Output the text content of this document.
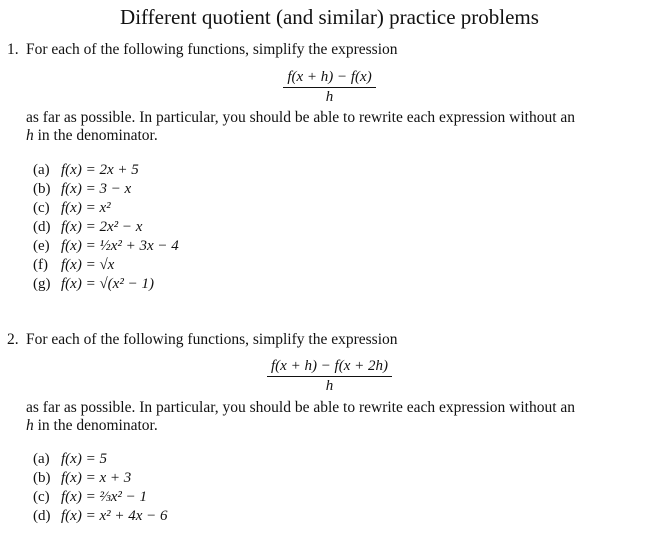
Different quotient (and similar) practice problems
1. For each of the following functions, simplify the expression
$\frac{f(x + h) - f(x)}{h}$
as far as possible. In particular, you should be able to rewrite each expression without an
h in the denominator.
(a) f(x) = 2x + 5
(b) f(x) = 3 − x
(c) f(x) = x²
(d) f(x) = 2x² − x
(e) f(x) = ½x² + 3x − 4
(f) f(x) = √x
(g) f(x) = √(x² − 1)
2. For each of the following functions, simplify the expression
$\frac{f(x + h) - f(x + 2h)}{h}$
as far as possible. In particular, you should be able to rewrite each expression without an
h in the denominator.
(a) f(x) = 5
(b) f(x) = x + 3
(c) f(x) = ⅔x² − 1
(d) f(x) = x² + 4x − 6
